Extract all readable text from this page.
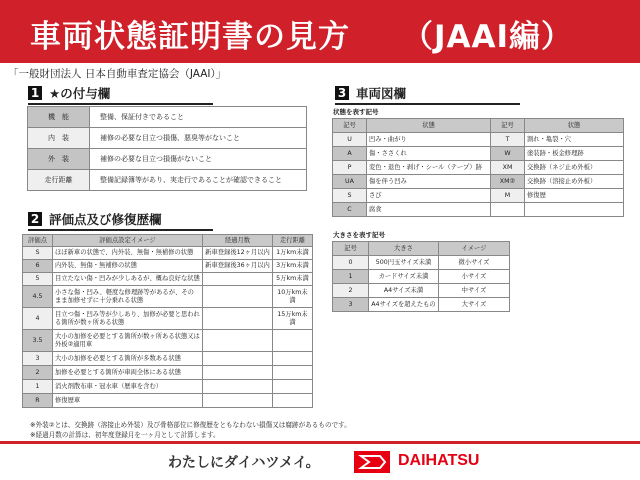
車両状態証明書の見方 （JAAI編）
「一般財団法人 日本自動車査定協会（JAAI）」
1 ★の付与欄
機　能	整備、保証付きであること
内　装	補修の必要な目立つ損傷、悪臭等がないこと
外　装	補修の必要な目立つ損傷がないこと
走行距離	整備記録簿等があり、実走行であることが確認できること
2 評価点及び修復歴欄
評価点	評価点設定イメージ	経過月数	走行距離
S	ほぼ新車の状態で、内外装、無傷・無補修の状態	新車登録後12ヶ月以内	1万km未満
6	内外装、無傷・無補修の状態	新車登録後36ヶ月以内	3万km未満
5	目立たない傷・凹みが少しあるが、概ね良好な状態		5万km未満
4.5	小さな傷・凹み、軽度な修理跡等があるが、そのまま加修せずに十分乗れる状態		10万km未満
4	目立つ傷・凹み等が少しあり、加修が必要と思われる箇所が数ヶ所ある状態		15万km未満
3.5	大小の加修を必要とする箇所が数ヶ所ある状態又は外板②適用車		
3	大小の加修を必要とする箇所が多数ある状態		
2	加修を必要とする箇所が車両全体にある状態		
1	消火剤散布車・冠水車（歴車を含む）		
R	修復歴車		
※外装②とは、交換跡（溶接止め外装）及び骨格部位に修復歴をともなわない損傷又は腐跡があるものです。
※経過月数の計算は、初年度登録月を一ヶ月として計算します。
3 車両図欄
状態を表す記号
記号	状態	記号	状態
U	凹み・曲がり	T	割れ・亀裂・穴
A	傷・ささくれ	W	塗装跡・板金修理跡
P	変色・退色・剥げ・シール（テープ）跡	XM	交換跡（ネジ止め外板）
UA	傷を伴う凹み	XM②	交換跡（溶接止め外板）
S	さび	M	修復歴
C	腐食		
大きさを表す記号
記号	大きさ	イメージ
0	500円玉サイズ未満	微小サイズ
1	カードサイズ未満	小サイズ
2	A4サイズ未満	中サイズ
3	A4サイズを超えたもの	大サイズ
わたしにダイハツメイ。	DAIHATSU
